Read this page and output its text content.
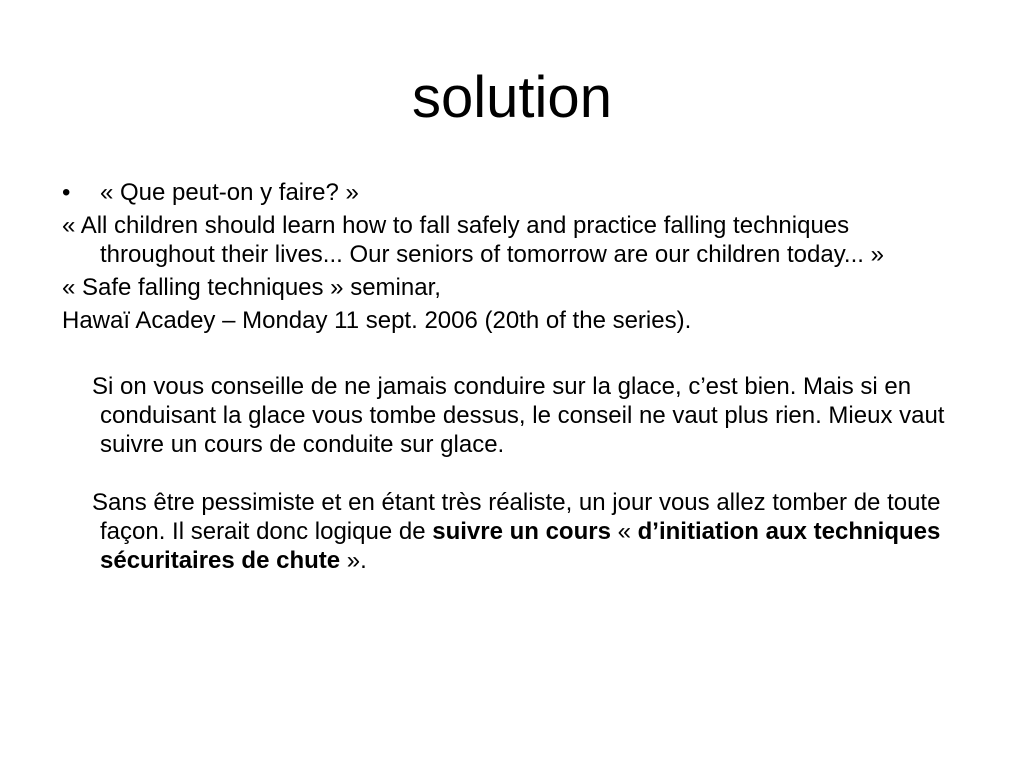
solution
•	« Que peut-on y faire? »

« All children should learn how to fall safely and practice falling techniques throughout their lives... Our seniors of tomorrow are our children today... »

« Safe falling techniques » seminar,

Hawaï Acadey – Monday 11 sept. 2006 (20th of the series).

Si on vous conseille de ne jamais conduire sur la glace, c’est bien. Mais si en conduisant la glace vous tombe dessus, le conseil ne vaut plus rien. Mieux vaut suivre un cours de conduite sur glace.

Sans être pessimiste et en étant très réaliste, un jour vous allez tomber de toute façon. Il serait donc logique de suivre un cours « d’initiation aux techniques sécuritaires de chute ».
